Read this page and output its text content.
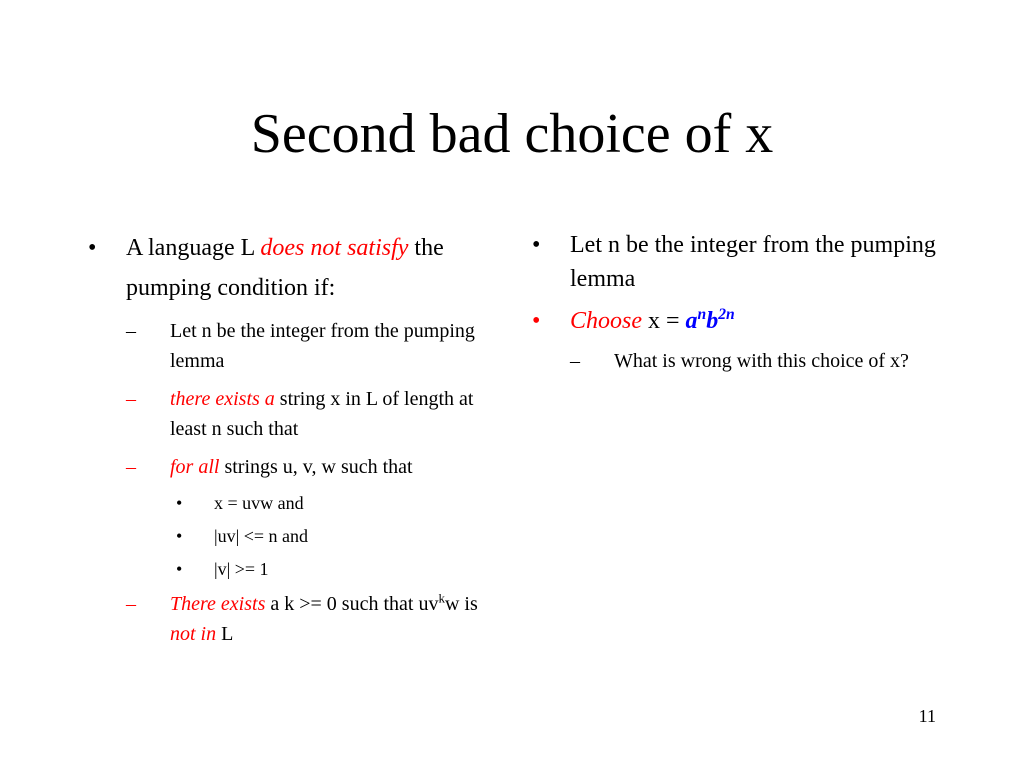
Second bad choice of x
• A language L does not satisfy the pumping condition if:
– Let n be the integer from the pumping lemma
– there exists a string x in L of length at least n such that
– for all strings u, v, w such that
• x = uvw and
• |uv| <= n and
• |v| >= 1
– There exists a k >= 0 such that $uv^kw$ is not in L
• Let n be the integer from the pumping lemma
• Choose $x = a^nb^{2n}$
– What is wrong with this choice of x?
11
